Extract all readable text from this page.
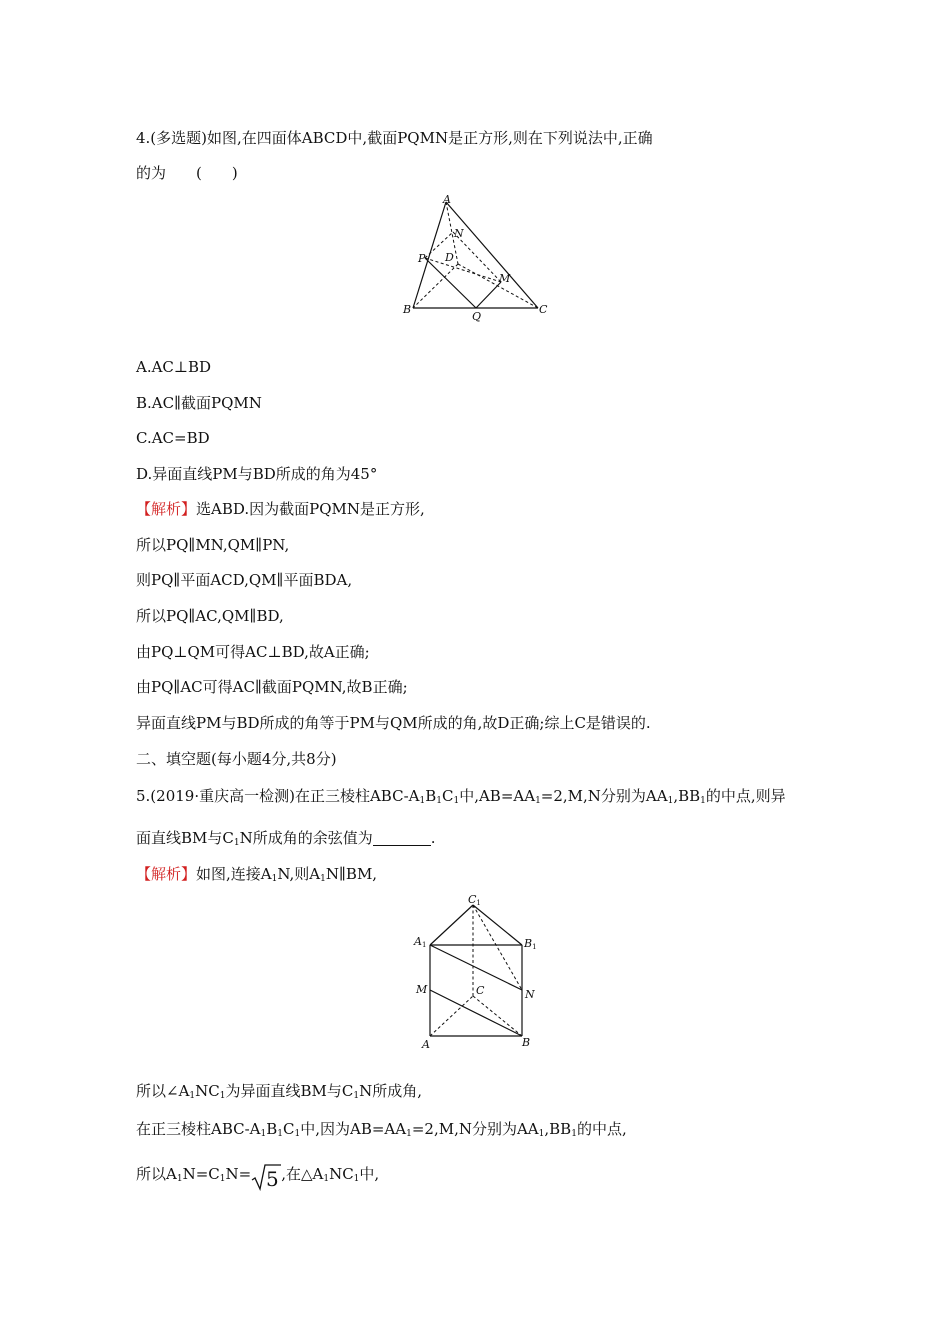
4.(多选题)如图,在四面体ABCD中,截面PQMN是正方形,则在下列说法中,正确
的为　　(　　)
A
N
P D
M
B
Q
C
A.AC⊥BD
B.AC∥截面PQMN
C.AC=BD
D.异面直线PM与BD所成的角为45°
【解析】选ABD.因为截面PQMN是正方形,
所以PQ∥MN,QM∥PN,
则PQ∥平面ACD,QM∥平面BDA,
所以PQ∥AC,QM∥BD,
由PQ⊥QM可得AC⊥BD,故A正确;
由PQ∥AC可得AC∥截面PQMN,故B正确;
异面直线PM与BD所成的角等于PM与QM所成的角,故D正确;综上C是错误的.
二、填空题(每小题4分,共8分)
5.(2019·重庆高一检测)在正三棱柱ABC-$A_1B_1C_1$中$,AB=AA_1=2,M,N$分别为$AA_1,BB_1$的中点,则异
面直线BM与$C_1N$所成角的余弦值为	.
【解析】如图,连接$A_1N$,则$A_1N\parallel BM$,
C1
A1	B1
M	C	N
A	B
所以$\angle A_1NC_1$为异面直线BM与$C_1N$所成角,
在正三棱柱ABC-$A_1B_1C_1$中,因为$AB=AA_1=2,M,N$分别为$AA_1,BB_1$的中点,
所以$A_1N=C_1N= 5$ ,在$\triangle A_1NC_1$中,
